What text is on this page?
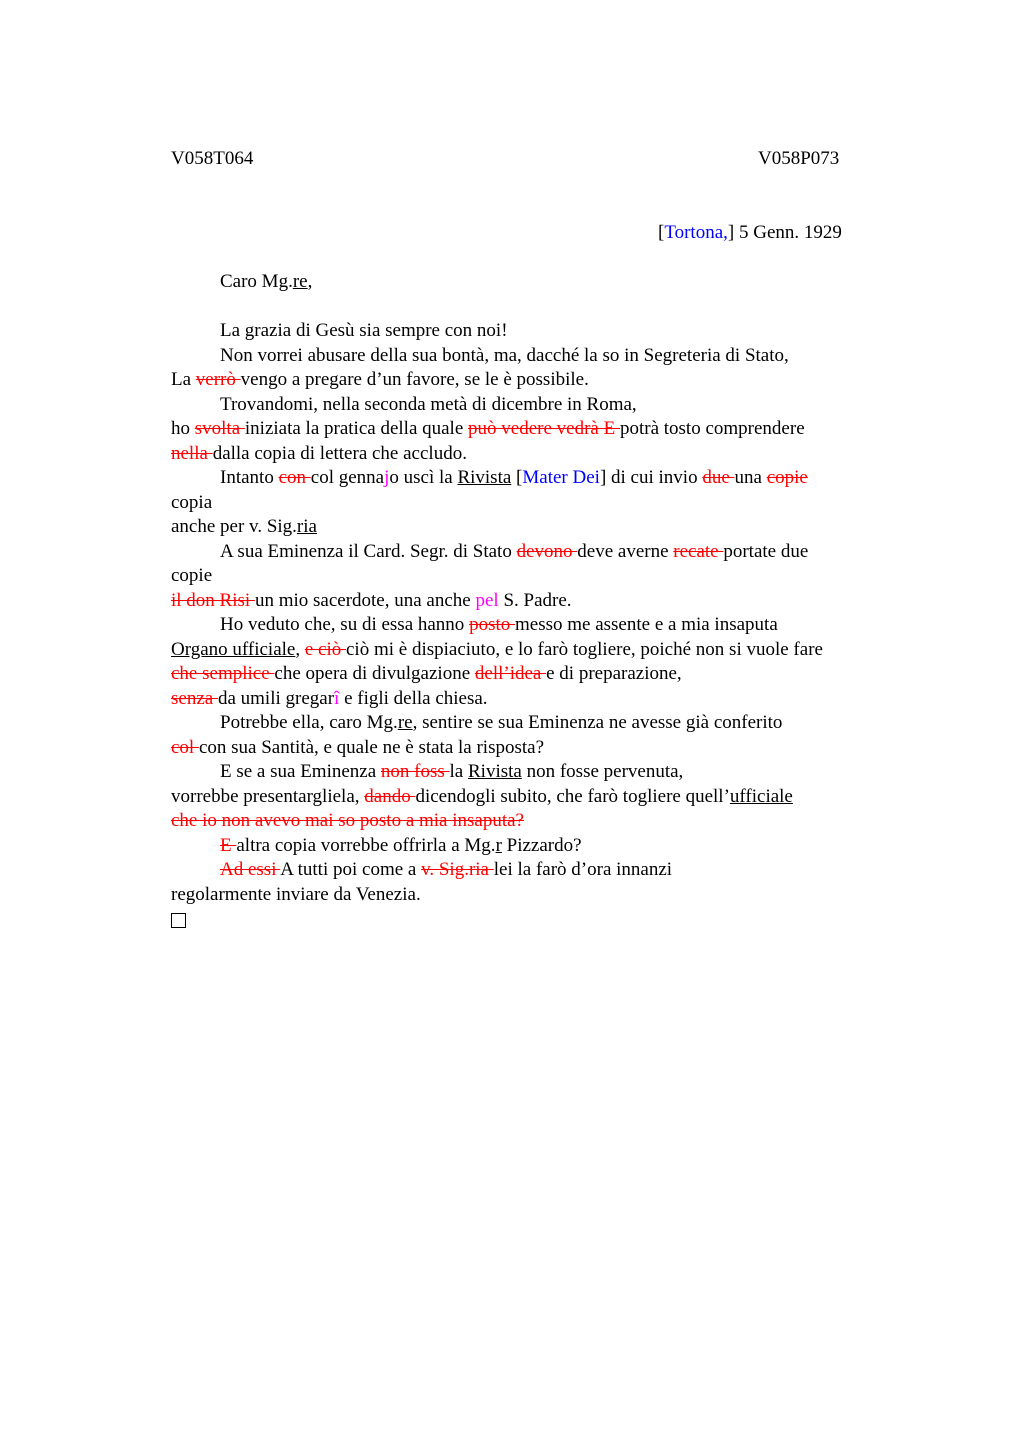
V058T064	V058P073
[Tortona,] 5 Genn. 1929
Caro Mg.re,
La grazia di Gesù sia sempre con noi!
Non vorrei abusare della sua bontà, ma, dacché la so in Segreteria di Stato,
La verrò vengo a pregare d’un favore, se le è possibile.
Trovandomi, nella seconda metà di dicembre in Roma,
ho svolta iniziata la pratica della quale può vedere vedrà E potrà tosto comprendere
nella dalla copia di lettera che accludo.
Intanto con col gennajo uscì la Rivista [Mater Dei] di cui invio due una copie
copia
anche per v. Sig.ria
A sua Eminenza il Card. Segr. di Stato devono deve averne recate portate due
copie
il don Risi un mio sacerdote, una anche pel S. Padre.
Ho veduto che, su di essa hanno posto messo me assente e a mia insaputa
Organo ufficiale, e ciò ciò mi è dispiaciuto, e lo farò togliere, poiché non si vuole fare
che semplice che opera di divulgazione dell’idea e di preparazione,
senza da umili gregarî e figli della chiesa.
Potrebbe ella, caro Mg.re, sentire se sua Eminenza ne avesse già conferito
col con sua Santità, e quale ne è stata la risposta?
E se a sua Eminenza non foss la Rivista non fosse pervenuta,
vorrebbe presentargliela, dando dicendogli subito, che farò togliere quell’ufficiale
che io non avevo mai so posto a mia insaputa?
E altra copia vorrebbe offrirla a Mg.r Pizzardo?
Ad essi A tutti poi come a v. Sig.ria lei la farò d’ora innanzi
regolarmente inviare da Venezia.
